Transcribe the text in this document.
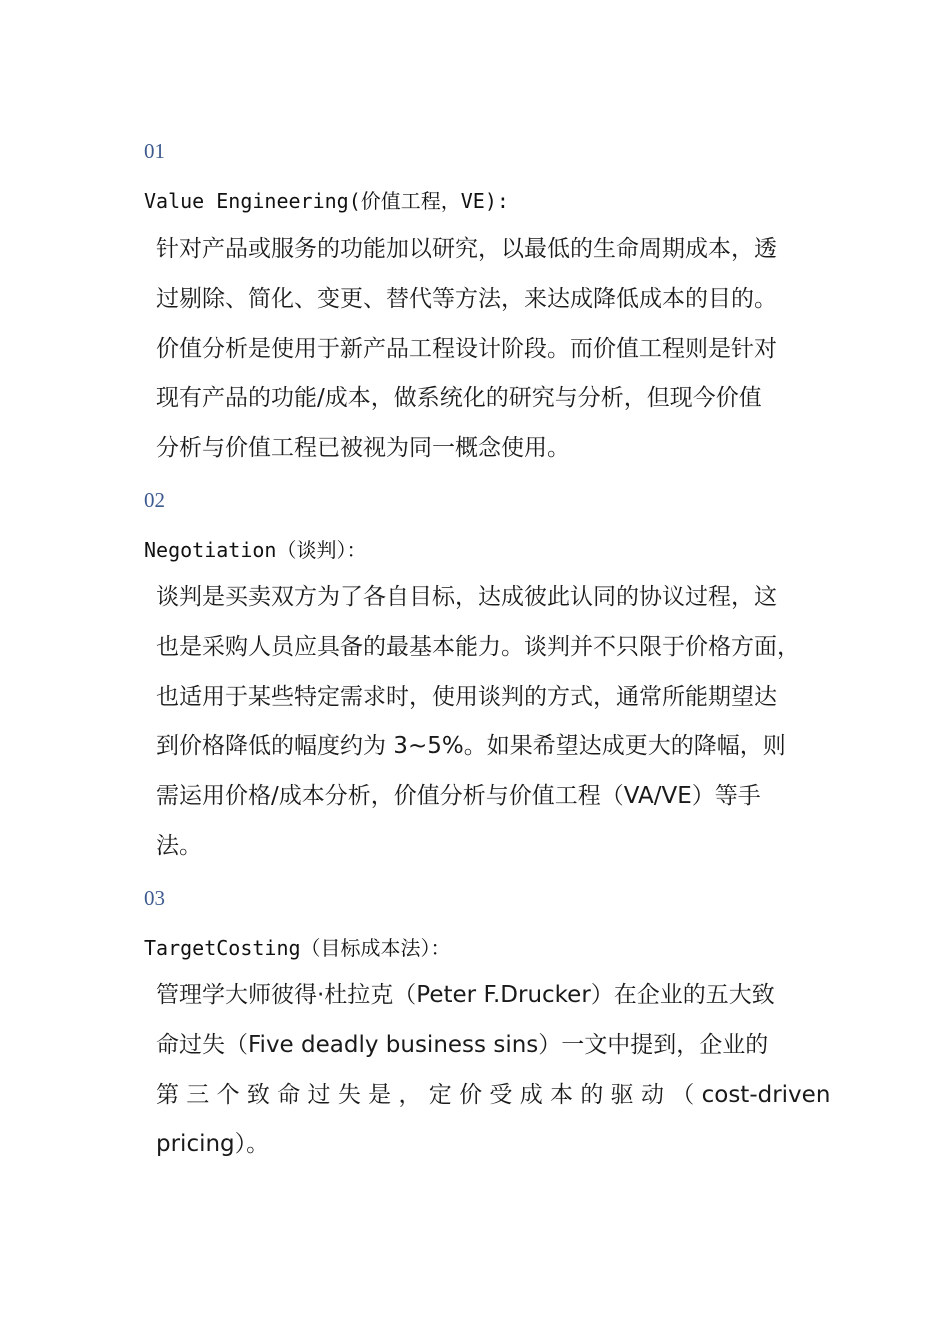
01
Value Engineering(价值工程，VE):
针对产品或服务的功能加以研究，以最低的生命周期成本，透
过剔除、简化、变更、替代等方法，来达成降低成本的目的。
价值分析是使用于新产品工程设计阶段。而价值工程则是针对
现有产品的功能/成本，做系统化的研究与分析，但现今价值
分析与价值工程已被视为同一概念使用。
02
Negotiation（谈判）：
谈判是买卖双方为了各自目标，达成彼此认同的协议过程，这
也是采购人员应具备的最基本能力。谈判并不只限于价格方面，
也适用于某些特定需求时，使用谈判的方式，通常所能期望达
到价格降低的幅度约为 3~5%。如果希望达成更大的降幅，则
需运用价格/成本分析，价值分析与价值工程（VA/VE）等手
法。
03
TargetCosting（目标成本法）：
管理学大师彼得·杜拉克（Peter F.Drucker）在企业的五大致
命过失（Five deadly business sins）一文中提到，企业的
第 三 个 致 命 过 失 是 ， 定 价 受 成 本 的 驱 动 （ cost-driven
pricing）。
